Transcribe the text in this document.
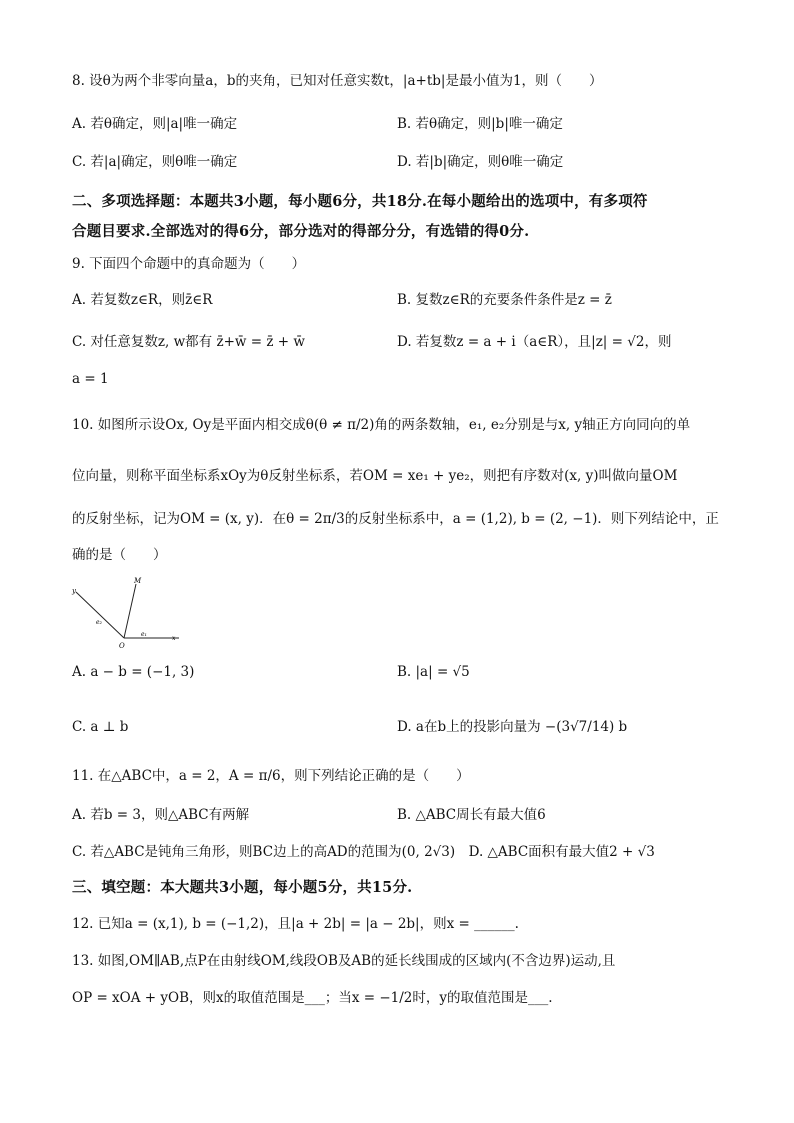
8. 设θ为两个非零向量a，b的夹角，已知对任意实数t，|a+tb|是最小值为1，则（　　）
A. 若θ确定，则|a|唯一确定	B. 若θ确定，则|b|唯一确定
C. 若|a|确定，则θ唯一确定	D. 若|b|确定，则θ唯一确定
二、多项选择题：本题共3小题，每小题6分，共18分.在每小题给出的选项中，有多项符
合题目要求.全部选对的得6分，部分选对的得部分分，有选错的得0分.
9. 下面四个命题中的真命题为（　　）
A. 若复数z∈R，则z̄∈R	B. 复数z∈R的充要条件条件是z = z̄
C. 对任意复数z, w都有 z̄+w̄ = z̄ + w̄	D. 若复数z = a + i（a∈R），且|z| = √2，则
a = 1
10. 如图所示设Ox, Oy是平面内相交成θ(θ ≠ π/2)角的两条数轴，e₁, e₂分别是与x, y轴正方向同向的单
位向量，则称平面坐标系xOy为θ反射坐标系，若OM = xe₁ + ye₂，则把有序数对(x, y)叫做向量OM
的反射坐标，记为OM = (x, y)．在θ = 2π/3的反射坐标系中，a = (1,2), b = (2, −1)．则下列结论中，正
确的是（　　）
y
M
O
e₁
e₂
x
A. a − b = (−1, 3)	B. |a| = √5
C. a ⊥ b	D. a在b上的投影向量为 −(3√7/14) b
11. 在△ABC中，a = 2，A = π/6，则下列结论正确的是（　　）
A. 若b = 3，则△ABC有两解	B. △ABC周长有最大值6
C. 若△ABC是钝角三角形，则BC边上的高AD的范围为(0, 2√3)　D. △ABC面积有最大值2 + √3
三、填空题：本大题共3小题，每小题5分，共15分.
12. 已知a = (x,1), b = (−1,2)，且|a + 2b| = |a − 2b|，则x = ______.
13. 如图,OM∥AB,点P在由射线OM,线段OB及AB的延长线围成的区域内(不含边界)运动,且
OP = xOA + yOB，则x的取值范围是___；当x = −1/2时，y的取值范围是___.
